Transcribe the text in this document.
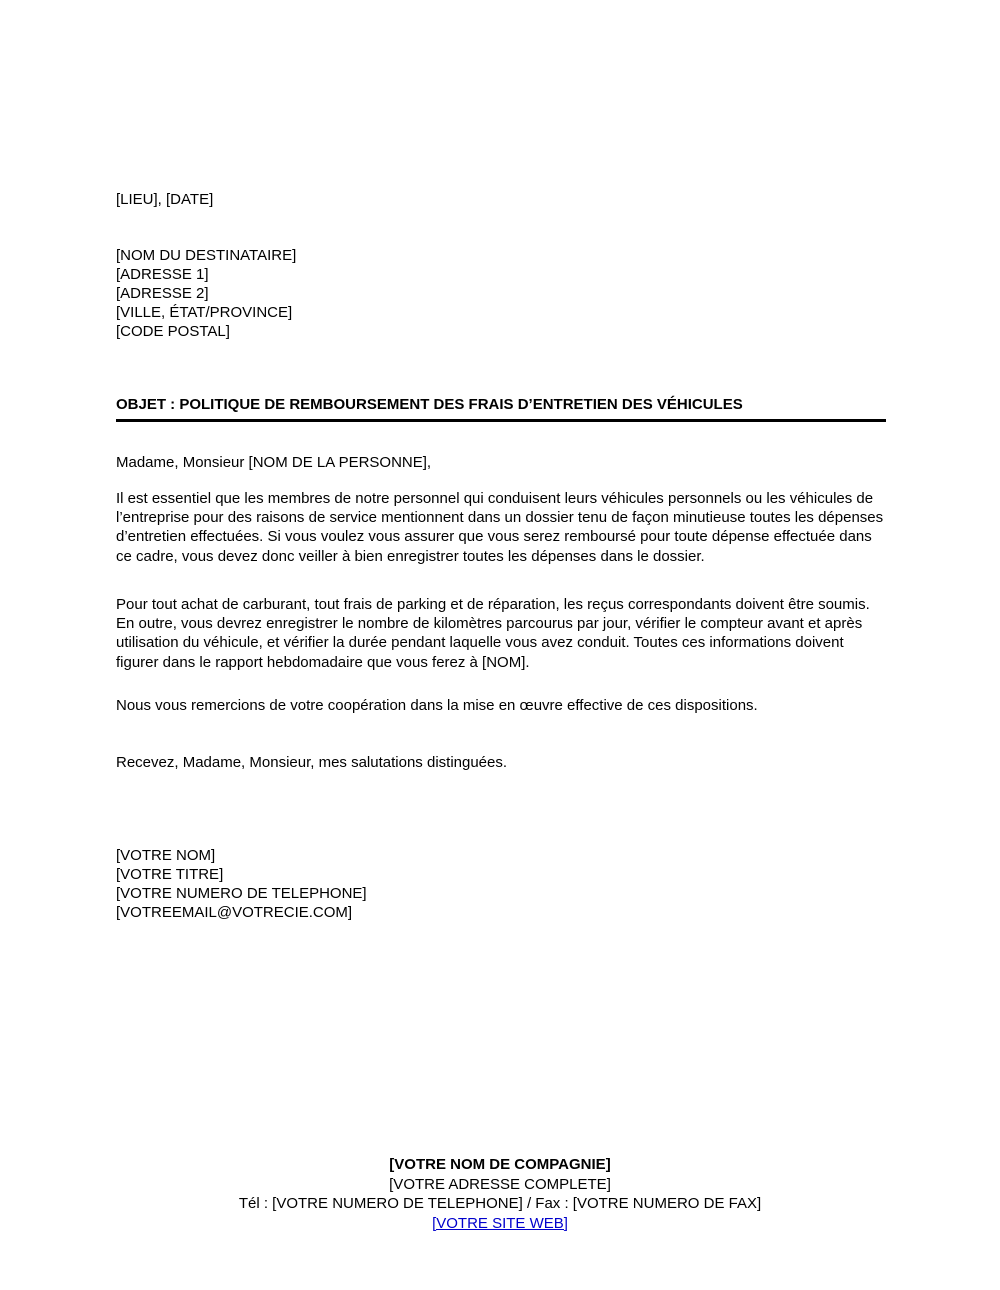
[LIEU], [DATE]
[NOM DU DESTINATAIRE]
[ADRESSE 1]
[ADRESSE 2]
[VILLE, ÉTAT/PROVINCE]
[CODE POSTAL]
OBJET : POLITIQUE DE REMBOURSEMENT DES FRAIS D’ENTRETIEN DES VÉHICULES
Madame, Monsieur [NOM DE LA PERSONNE],
Il est essentiel que les membres de notre personnel qui conduisent leurs véhicules personnels ou les véhicules de l’entreprise pour des raisons de service mentionnent dans un dossier tenu de façon minutieuse toutes les dépenses d’entretien effectuées. Si vous voulez vous assurer que vous serez remboursé pour toute dépense effectuée dans ce cadre, vous devez donc veiller à bien enregistrer toutes les dépenses dans le dossier.
Pour tout achat de carburant, tout frais de parking et de réparation, les reçus correspondants doivent être soumis. En outre, vous devrez enregistrer le nombre de kilomètres parcourus par jour, vérifier le compteur avant et après utilisation du véhicule, et vérifier la durée pendant laquelle vous avez conduit. Toutes ces informations doivent figurer dans le rapport hebdomadaire que vous ferez à [NOM].
Nous vous remercions de votre coopération dans la mise en œuvre effective de ces dispositions.
Recevez, Madame, Monsieur, mes salutations distinguées.
[VOTRE NOM]
[VOTRE TITRE]
[VOTRE NUMERO DE TELEPHONE]
[VOTREEMAIL@VOTRECIE.COM]
[VOTRE NOM DE COMPAGNIE]
[VOTRE ADRESSE COMPLETE]
Tél : [VOTRE NUMERO DE TELEPHONE] / Fax : [VOTRE NUMERO DE FAX]
[VOTRE SITE WEB]
